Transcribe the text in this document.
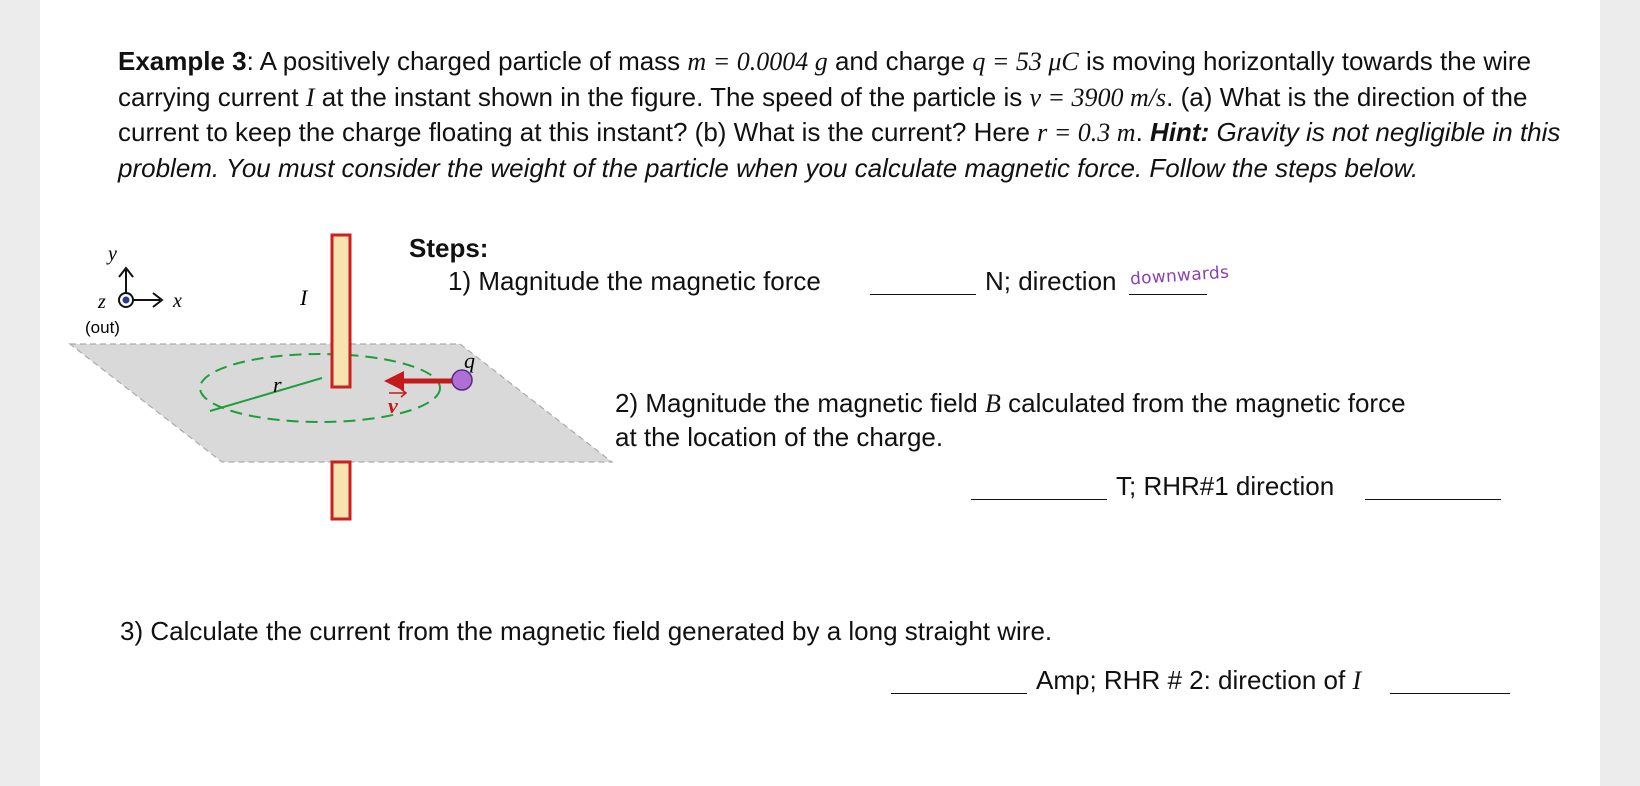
Example 3: A positively charged particle of mass m = 0.0004 g and charge q = 53 μC is moving horizontally towards the wire carrying current I at the instant shown in the figure. The speed of the particle is v = 3900 m/s. (a) What is the direction of the current to keep the charge floating at this instant? (b) What is the current? Here r = 0.3 m. Hint: Gravity is not negligible in this problem. You must consider the weight of the particle when you calculate magnetic force. Follow the steps below.
y
x
z
(out)
r
I
v
q
Steps:
1) Magnitude the magnetic force	N; direction downwards
2) Magnitude the magnetic field B calculated from the magnetic force
at the location of the charge.
T; RHR#1 direction
3) Calculate the current from the magnetic field generated by a long straight wire.
Amp; RHR # 2: direction of I
